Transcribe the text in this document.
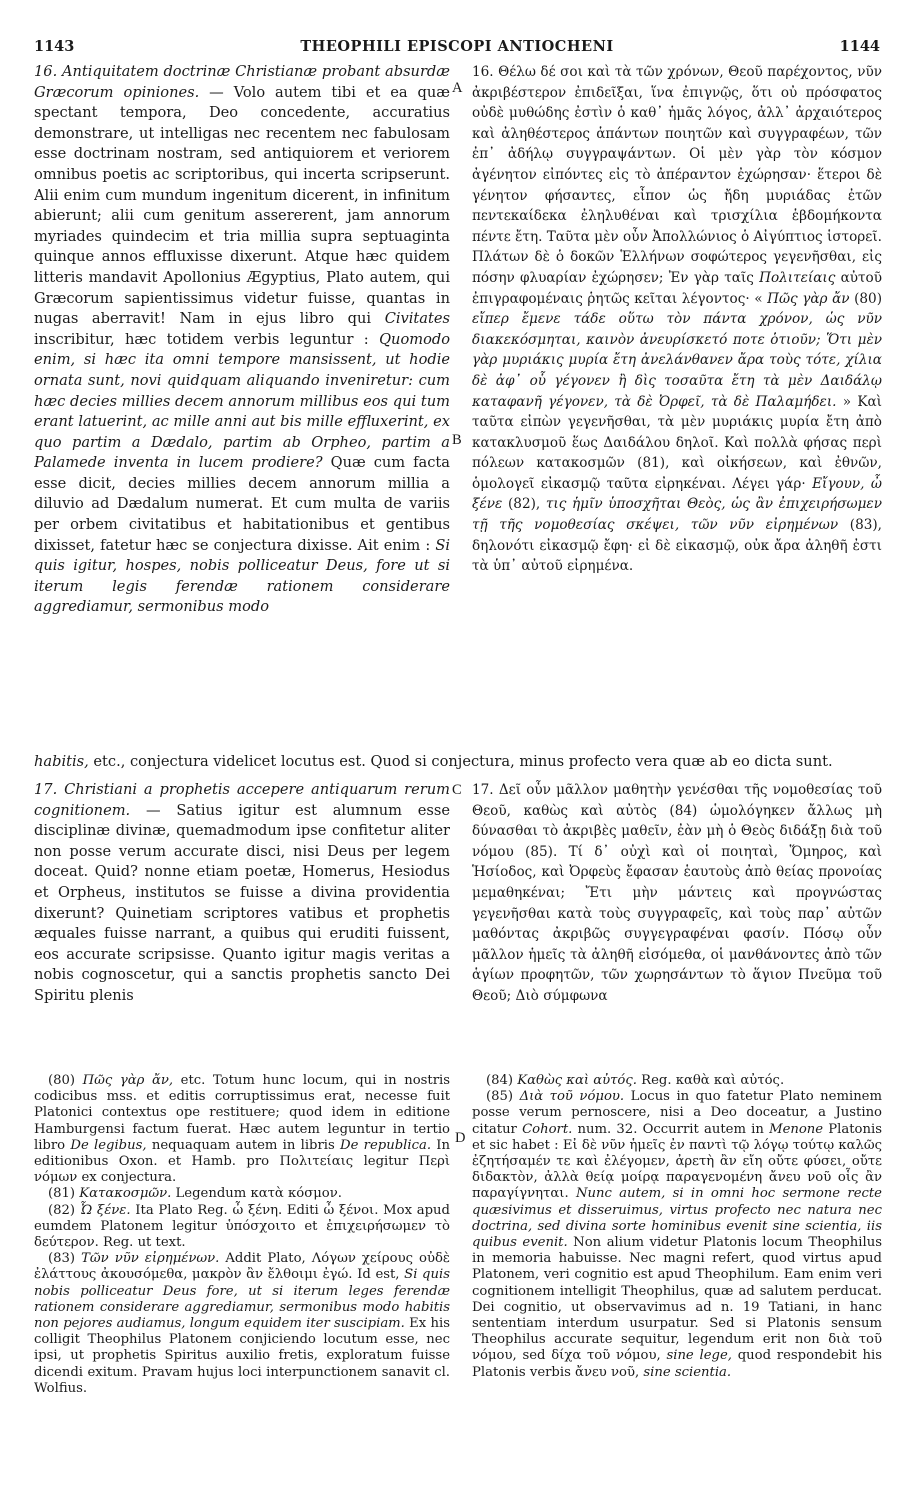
1143	THEOPHILI EPISCOPI ANTIOCHENI	1144
A
B
C
D

16. Antiquitatem doctrinæ Christianæ probant absurdæ Græcorum opiniones. — Volo autem tibi et ea quæ spectant tempora, Deo concedente, accuratius demonstrare, ut intelligas nec recentem nec fabulosam esse doctrinam nostram, sed antiquiorem et veriorem omnibus poetis ac scriptoribus, qui incerta scripserunt. Alii enim cum mundum ingenitum dicerent, in infinitum abierunt; alii cum genitum assererent, jam annorum myriades quindecim et tria millia supra septuaginta quinque annos effluxisse dixerunt. Atque hæc quidem litteris mandavit Apollonius Ægyptius, Plato autem, qui Græcorum sapientissimus videtur fuisse, quantas in nugas aberravit! Nam in ejus libro qui Civitates inscribitur, hæc totidem verbis leguntur : Quomodo enim, si hæc ita omni tempore mansissent, ut hodie ornata sunt, novi quidquam aliquando inveniretur: cum hæc decies millies decem annorum millibus eos qui tum erant latuerint, ac mille anni aut bis mille effluxerint, ex quo partim a Dædalo, partim ab Orpheo, partim a Palamede inventa in lucem prodiere? Quæ cum facta esse dicit, decies millies decem annorum millia a diluvio ad Dædalum numerat. Et cum multa de variis per orbem civitatibus et habitationibus et gentibus dixisset, fatetur hæc se conjectura dixisse. Ait enim : Si quis igitur, hospes, nobis polliceatur Deus, fore ut si iterum legis ferendæ rationem considerare aggrediamur, sermonibus modo

16. Θέλω δέ σοι καὶ τὰ τῶν χρόνων, Θεοῦ παρέχοντος, νῦν ἀκριβέστερον ἐπιδεῖξαι, ἵνα ἐπιγνῷς, ὅτι οὐ πρόσφατος οὐδὲ μυθώδης ἐστὶν ὁ καθ᾽ ἡμᾶς λόγος, ἀλλ᾽ ἀρχαιότερος καὶ ἀληθέστερος ἁπάντων ποιητῶν καὶ συγγραφέων, τῶν ἐπ᾽ ἀδήλῳ συγγραψάντων. Οἱ μὲν γὰρ τὸν κόσμον ἀγένητον εἰπόντες εἰς τὸ ἀπέραντον ἐχώρησαν· ἕτεροι δὲ γένητον φήσαντες, εἶπον ὡς ἤδη μυριάδας ἐτῶν πεντεκαίδεκα ἐληλυθέναι καὶ τρισχίλια ἑβδομήκοντα πέντε ἔτη. Ταῦτα μὲν οὖν Ἀπολλώνιος ὁ Αἰγύπτιος ἱστορεῖ. Πλάτων δὲ ὁ δοκῶν Ἑλλήνων σοφώτερος γεγενῆσθαι, εἰς πόσην φλυαρίαν ἐχώρησεν; Ἐν γὰρ ταῖς Πολιτείαις αὐτοῦ ἐπιγραφομέναις ῥητῶς κεῖται λέγοντος· « Πῶς γὰρ ἄν (80) εἴπερ ἔμενε τάδε οὕτω τὸν πάντα χρόνον, ὡς νῦν διακεκόσμηται, καινὸν ἀνευρίσκετό ποτε ὁτιοῦν; Ὅτι μὲν γὰρ μυριάκις μυρία ἔτη ἀνελάνθανεν ἄρα τοὺς τότε, χίλια δὲ ἀφ᾽ οὗ γέγονεν ἢ δὶς τοσαῦτα ἔτη τὰ μὲν Δαιδάλῳ καταφανῆ γέγονεν, τὰ δὲ Ὀρφεῖ, τὰ δὲ Παλαμήδει. » Καὶ ταῦτα εἰπὼν γεγενῆσθαι, τὰ μὲν μυριάκις μυρία ἔτη ἀπὸ κατακλυσμοῦ ἕως Δαιδάλου δηλοῖ. Καὶ πολλὰ φήσας περὶ πόλεων κατακοσμῶν (81), καὶ οἰκήσεων, καὶ ἐθνῶν, ὁμολογεῖ εἰκασμῷ ταῦτα εἰρηκέναι. Λέγει γάρ· Εἴγουν, ὦ ξένε (82), τις ἡμῖν ὑποσχῆται Θεὸς, ὡς ἂν ἐπιχειρήσωμεν τῇ τῆς νομοθεσίας σκέψει, τῶν νῦν εἰρημένων (83), δηλονότι εἰκασμῷ ἔφη· εἰ δὲ εἰκασμῷ, οὐκ ἄρα ἀληθῆ ἐστι τὰ ὑπ᾽ αὐτοῦ εἰρημένα.

habitis, etc., conjectura videlicet locutus est. Quod si conjectura, minus profecto vera quæ ab eo dicta sunt.

17. Christiani a prophetis accepere antiquarum rerum cognitionem. — Satius igitur est alumnum esse disciplinæ divinæ, quemadmodum ipse confitetur aliter non posse verum accurate disci, nisi Deus per legem doceat. Quid? nonne etiam poetæ, Homerus, Hesiodus et Orpheus, institutos se fuisse a divina providentia dixerunt? Quinetiam scriptores vatibus et prophetis æquales fuisse narrant, a quibus qui eruditi fuissent, eos accurate scripsisse. Quanto igitur magis veritas a nobis cognoscetur, qui a sanctis prophetis sancto Dei Spiritu plenis

17. Δεῖ οὖν μᾶλλον μαθητὴν γενέσθαι τῆς νομοθεσίας τοῦ Θεοῦ, καθὼς καὶ αὐτὸς (84) ὡμολόγηκεν ἄλλως μὴ δύνασθαι τὸ ἀκριβὲς μαθεῖν, ἐὰν μὴ ὁ Θεὸς διδάξῃ διὰ τοῦ νόμου (85). Τί δ᾽ οὐχὶ καὶ οἱ ποιηταὶ, Ὅμηρος, καὶ Ἡσίοδος, καὶ Ὀρφεὺς ἔφασαν ἑαυτοὺς ἀπὸ θείας προνοίας μεμαθηκέναι; Ἔτι μὴν μάντεις καὶ προγνώστας γεγενῆσθαι κατὰ τοὺς συγγραφεῖς, καὶ τοὺς παρ᾽ αὐτῶν μαθόντας ἀκριβῶς συγγεγραφέναι φασίν. Πόσῳ οὖν μᾶλλον ἡμεῖς τὰ ἀληθῆ εἰσόμεθα, οἱ μανθάνοντες ἀπὸ τῶν ἁγίων προφητῶν, τῶν χωρησάντων τὸ ἅγιον Πνεῦμα τοῦ Θεοῦ; Διὸ σύμφωνα

(80) Πῶς γὰρ ἄν, etc. Totum hunc locum, qui in nostris codicibus mss. et editis corruptissimus erat, necesse fuit Platonici contextus ope restituere; quod idem in editione Hamburgensi factum fuerat. Hæc autem leguntur in tertio libro De legibus, nequaquam autem in libris De republica. In editionibus Oxon. et Hamb. pro Πολιτείαις legitur Περὶ νόμων ex conjectura.

(81) Κατακοσμῶν. Legendum κατὰ κόσμον.

(82) Ὦ ξένε. Ita Plato Reg. ὦ ξένη. Editi ὦ ξένοι. Mox apud eumdem Platonem legitur ὑπόσχοιτο et ἐπιχειρήσωμεν τὸ δεύτερον. Reg. ut text.

(83) Τῶν νῦν εἰρημένων. Addit Plato, Λόγων χείρους οὐδὲ ἐλάττους ἀκουσόμεθα, μακρὸν ἂν ἔλθοιμι ἐγώ. Id est, Si quis nobis polliceatur Deus fore, ut si iterum leges ferendæ rationem considerare aggrediamur, sermonibus modo habitis non pejores audiamus, longum equidem iter suscipiam. Ex his colligit Theophilus Platonem conjiciendo locutum esse, nec ipsi, ut prophetis Spiritus auxilio fretis, exploratum fuisse dicendi exitum. Pravam hujus loci interpunctionem sanavit cl. Wolfius.

(84) Καθὼς καὶ αὐτός. Reg. καθὰ καὶ αὐτός.

(85) Διὰ τοῦ νόμου. Locus in quo fatetur Plato neminem posse verum pernoscere, nisi a Deo doceatur, a Justino citatur Cohort. num. 32. Occurrit autem in Menone Platonis et sic habet : Εἰ δὲ νῦν ἡμεῖς ἐν παντὶ τῷ λόγῳ τούτῳ καλῶς ἐζητήσαμέν τε καὶ ἐλέγομεν, ἀρετὴ ἂν εἴη οὔτε φύσει, οὔτε διδακτὸν, ἀλλὰ θείᾳ μοίρᾳ παραγενομένη ἄνευ νοῦ οἷς ἂν παραγίγνηται. Nunc autem, si in omni hoc sermone recte quæsivimus et disseruimus, virtus profecto nec natura nec doctrina, sed divina sorte hominibus evenit sine scientia, iis quibus evenit. Non alium videtur Platonis locum Theophilus in memoria habuisse. Nec magni refert, quod virtus apud Platonem, veri cognitio est apud Theophilum. Eam enim veri cognitionem intelligit Theophilus, quæ ad salutem perducat. Dei cognitio, ut observavimus ad n. 19 Tatiani, in hanc sententiam interdum usurpatur. Sed si Platonis sensum Theophilus accurate sequitur, legendum erit non διὰ τοῦ νόμου, sed δίχα τοῦ νόμου, sine lege, quod respondebit his Platonis verbis ἄνευ νοῦ, sine scientia.
